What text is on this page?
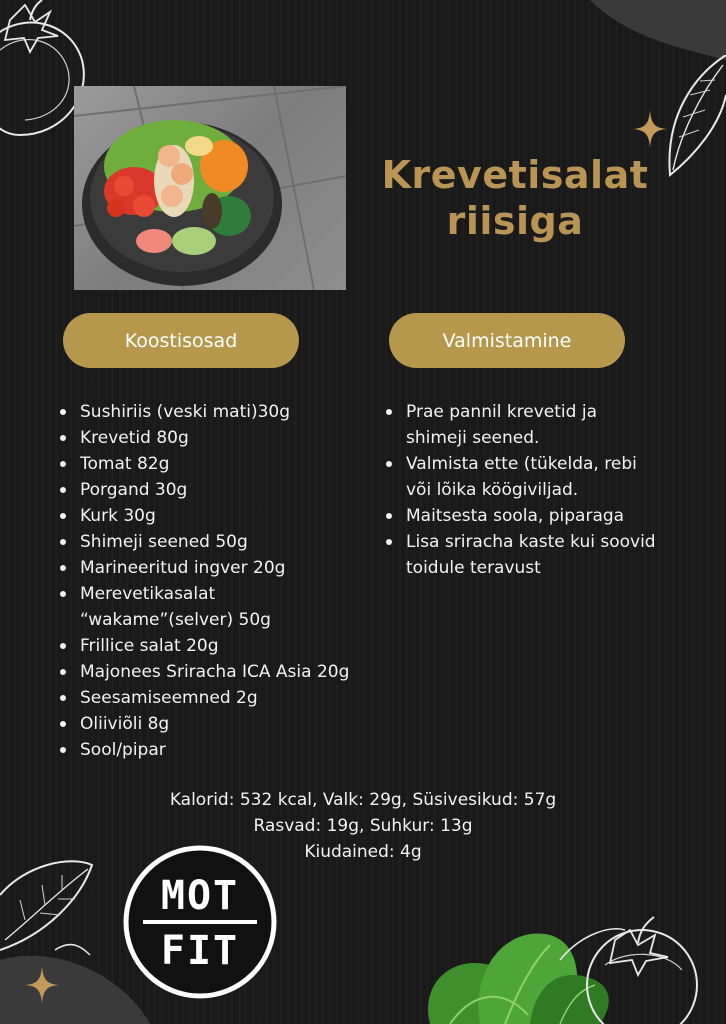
Krevetisalat
riisiga
Koostisosad	Valmistamine
Sushiriis (veski mati)30g
Krevetid 80g
Tomat 82g
Porgand 30g
Kurk 30g
Shimeji seened 50g
Marineeritud ingver 20g
Merevetikasalat “wakame”(selver) 50g
Frillice salat 20g
Majonees Sriracha ICA Asia 20g
Seesamiseemned 2g
Oliiviõli 8g
Sool/pipar
Prae pannil krevetid ja shimeji seened.
Valmista ette (tükelda, rebi või lõika köögiviljad.
Maitsesta soola, piparaga
Lisa sriracha kaste kui soovid toidule teravust
Kalorid: 532 kcal, Valk: 29g, Süsivesikud: 57g
Rasvad: 19g, Suhkur: 13g
Kiudained: 4g
MOT
FIT
